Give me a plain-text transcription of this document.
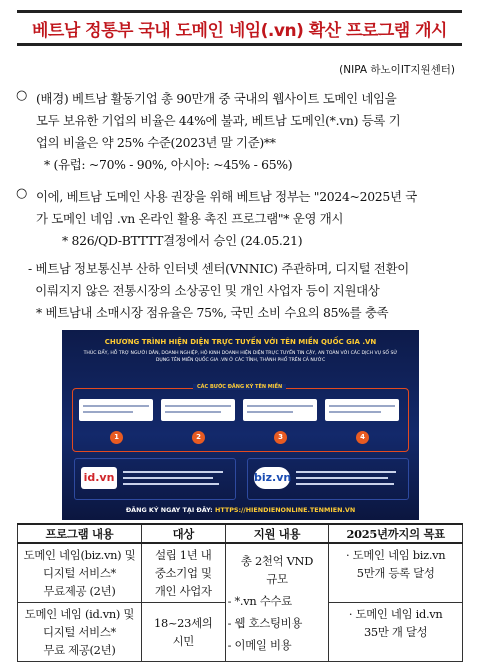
베트남 정통부 국내 도메인 네임(.vn) 확산 프로그램 개시
(NIPA 하노이IT지원센터)
○ (배경) 베트남 활동기업 총 90만개 중 국내의 웹사이트 도메인 네임을
모두 보유한 기업의 비율은 44%에 불과, 베트남 도메인(*.vn) 등록 기
업의 비율은 약 25% 수준(2023년 말 기준)**
* (유럽: ~70% - 90%, 아시아: ~45% - 65%)
○ 이에, 베트남 도메인 사용 권장을 위해 베트남 정부는 "2024~2025년 국
가 도메인 네임 .vn 온라인 활용 촉진 프로그램"* 운영 개시
* 826/QD-BTTTT결정에서 승인 (24.05.21)
- 베트남 정보통신부 산하 인터넷 센터(VNNIC) 주관하며, 디지털 전환이
이뤄지지 않은 전통시장의 소상공인 및 개인 사업자 등이 지원대상
* 베트남내 소매시장 점유율은 75%, 국민 소비 수요의 85%를 충족
CHƯƠNG TRÌNH HIỆN DIỆN TRỰC TUYẾN VỚI TÊN MIỀN QUỐC GIA .VN
THÚC ĐẨY, HỖ TRỢ NGƯỜI DÂN, DOANH NGHIỆP, HỘ KINH DOANH HIỆN DIỆN TRỰC TUYẾN TIN CẬY, AN TOÀN VỚI CÁC DỊCH VỤ SỐ SỬ DỤNG TÊN MIỀN QUỐC GIA .VN Ở CÁC TỈNH, THÀNH PHỐ TRÊN CẢ NƯỚC
CÁC BƯỚC ĐĂNG KÝ TÊN MIỀN
1	2	3	4
id.vn	biz.vn
ĐĂNG KÝ NGAY TẠI ĐÂY: HTTPS://HIENDIENONLINE.TENMIEN.VN
프로그램 내용	대상	지원 내용	2025년까지의 목표

도메인 네임(biz.vn) 및
디지털 서비스*
무료제공 (2년)	설립 1년 내
중소기업 및
개인 사업자	총 2천억 VND
규모
- *.vn 수수료
- 웹 호스팅비용
- 이메일 비용	· 도메인 네임 biz.vn
5만개 등록 달성

도메인 네임 (id.vn) 및
디지털 서비스*
무료 제공(2년)	18~23세의
시민		· 도메인 네임 id.vn
35만 개 달성
